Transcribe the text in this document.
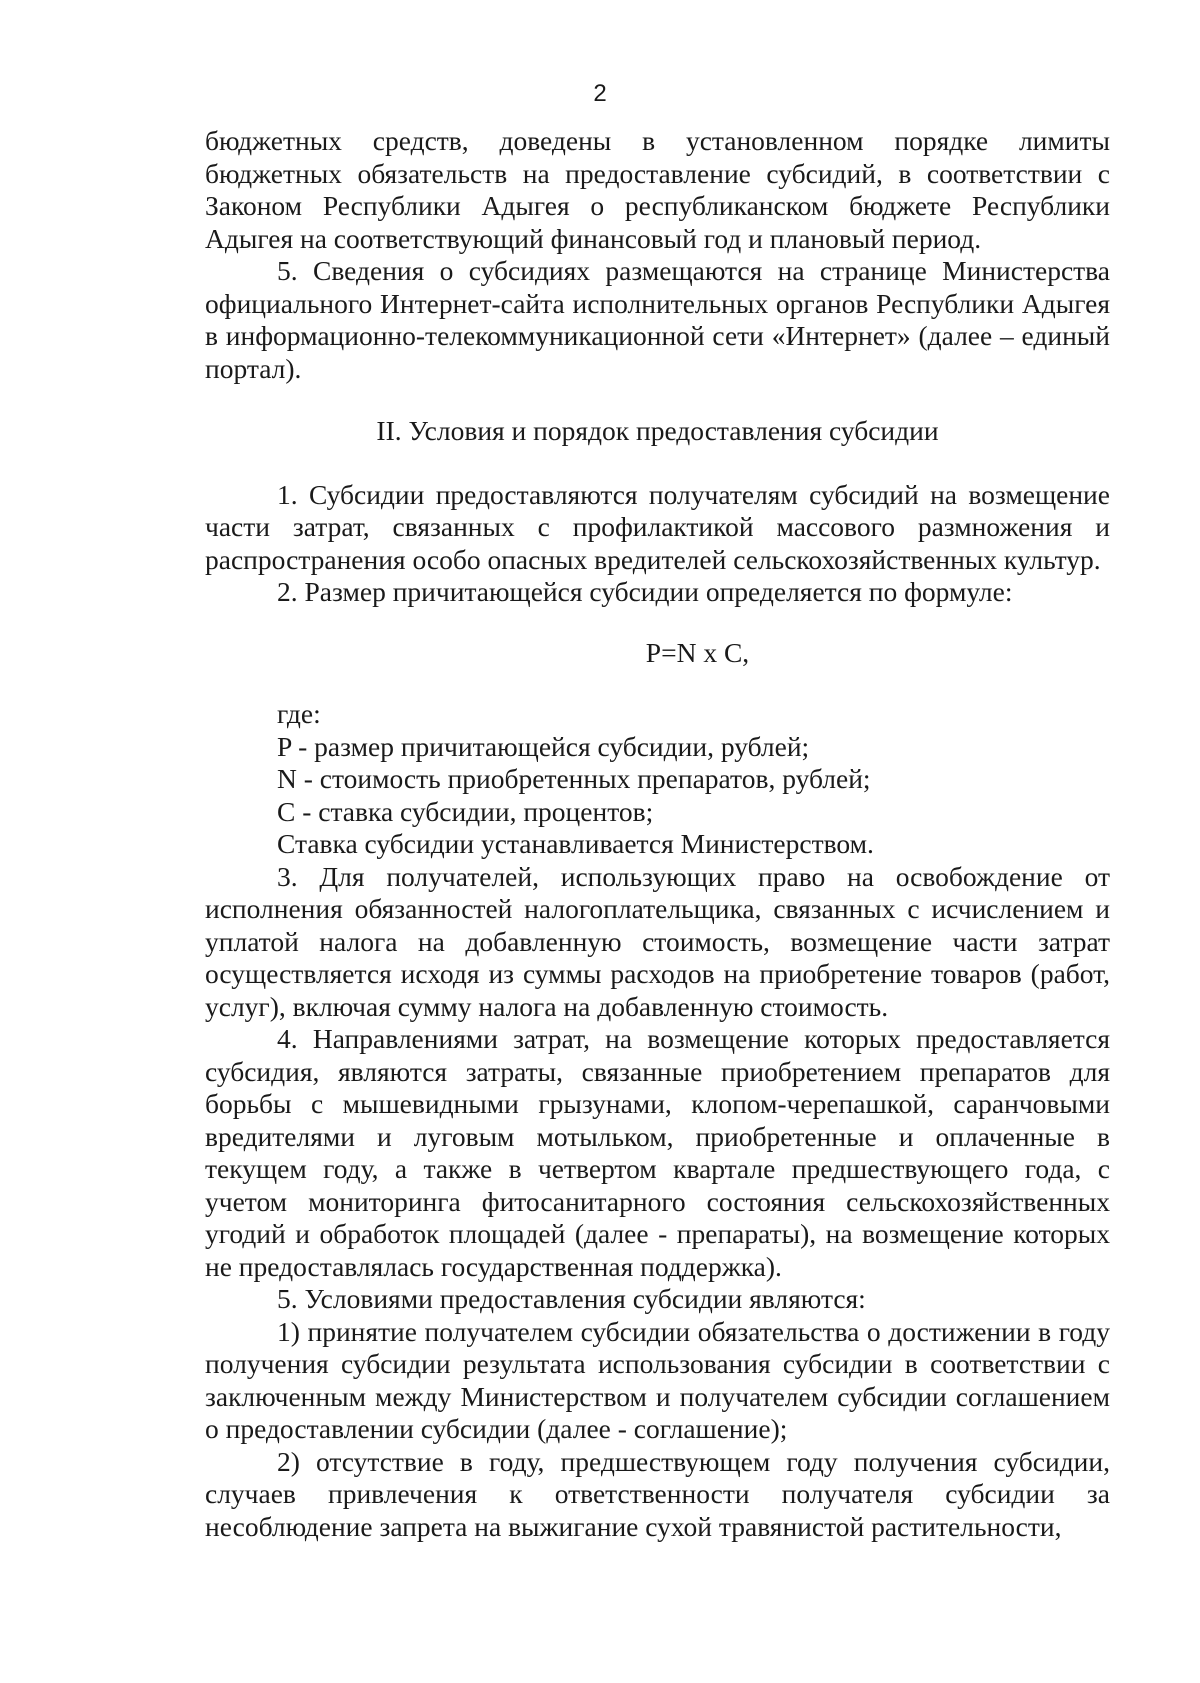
2

бюджетных средств, доведены в установленном порядке лимиты бюджетных обязательств на предоставление субсидий, в соответствии с Законом Республики Адыгея о республиканском бюджете Республики Адыгея на соответствующий финансовый год и плановый период.

5. Сведения о субсидиях размещаются на странице Министерства официального Интернет-сайта исполнительных органов Республики Адыгея в информационно-телекоммуникационной сети «Интернет» (далее – единый портал).

II. Условия и порядок предоставления субсидии

1. Субсидии предоставляются получателям субсидий на возмещение части затрат, связанных с профилактикой массового размножения и распространения особо опасных вредителей сельскохозяйственных культур.

2. Размер причитающейся субсидии определяется по формуле:

P=N x C,

где:

P - размер причитающейся субсидии, рублей;

N - стоимость приобретенных препаратов, рублей;

C - ставка субсидии, процентов;

Ставка субсидии устанавливается Министерством.

3. Для получателей, использующих право на освобождение от исполнения обязанностей налогоплательщика, связанных с исчислением и уплатой налога на добавленную стоимость, возмещение части затрат осуществляется исходя из суммы расходов на приобретение товаров (работ, услуг), включая сумму налога на добавленную стоимость.

4. Направлениями затрат, на возмещение которых предоставляется субсидия, являются затраты, связанные приобретением препаратов для борьбы с мышевидными грызунами, клопом-черепашкой, саранчовыми вредителями и луговым мотыльком, приобретенные и оплаченные в текущем году, а также в четвертом квартале предшествующего года, с учетом мониторинга фитосанитарного состояния сельскохозяйственных угодий и обработок площадей (далее - препараты), на возмещение которых не предоставлялась государственная поддержка).

5. Условиями предоставления субсидии являются:

1) принятие получателем субсидии обязательства о достижении в году получения субсидии результата использования субсидии в соответствии с заключенным между Министерством и получателем субсидии соглашением о предоставлении субсидии (далее - соглашение);

2) отсутствие в году, предшествующем году получения субсидии, случаев привлечения к ответственности получателя субсидии за несоблюдение запрета на выжигание сухой травянистой растительности,
